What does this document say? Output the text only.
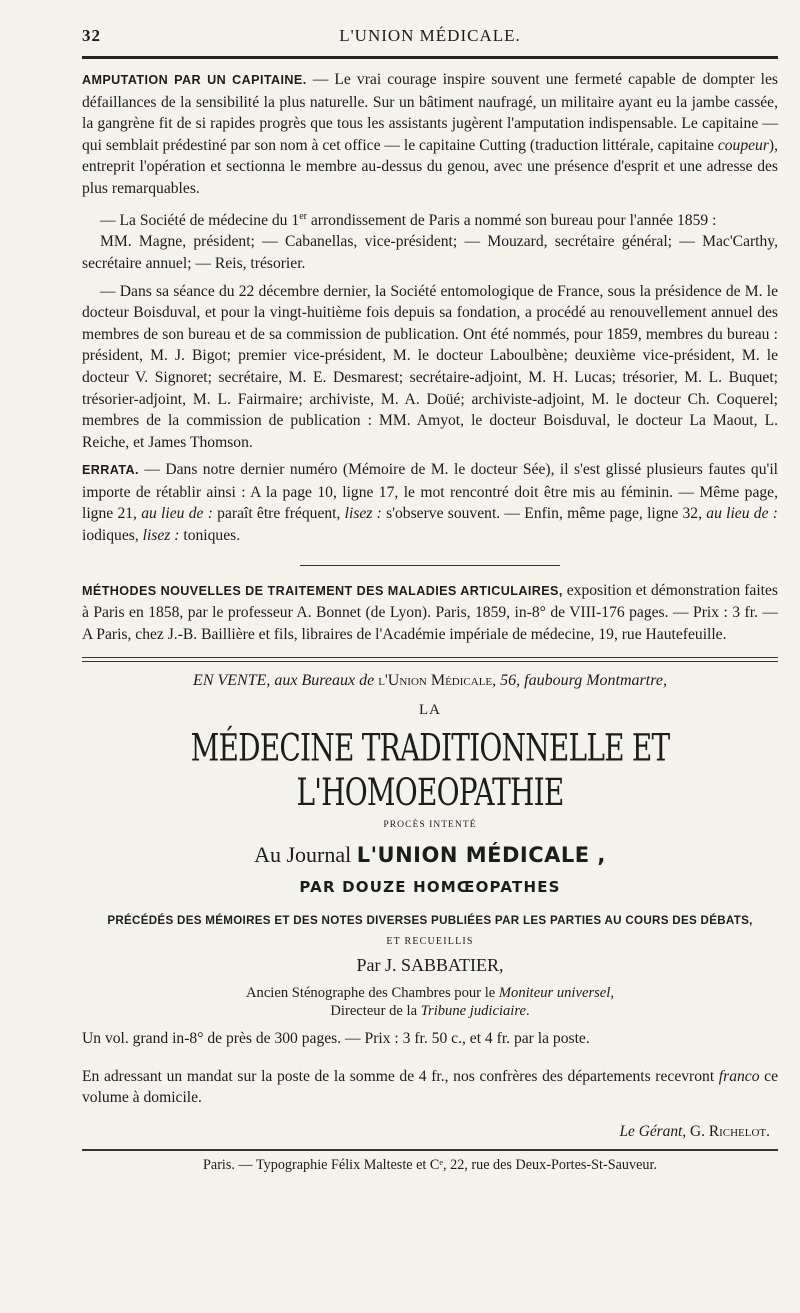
32	L'UNION MÉDICALE.

AMPUTATION PAR UN CAPITAINE. — Le vrai courage inspire souvent une fermeté capable de dompter les défaillances de la sensibilité la plus naturelle. Sur un bâtiment naufragé, un militaire ayant eu la jambe cassée, la gangrène fit de si rapides progrès que tous les assistants jugèrent l'amputation indispensable. Le capitaine — qui semblait prédestiné par son nom à cet office — le capitaine Cutting (traduction littérale, capitaine coupeur), entreprit l'opération et sectionna le membre au-dessus du genou, avec une présence d'esprit et une adresse des plus remarquables.

— La Société de médecine du 1er arrondissement de Paris a nommé son bureau pour l'année 1859 :

MM. Magne, président; — Cabanellas, vice-président; — Mouzard, secrétaire général; — Mac'Carthy, secrétaire annuel; — Reis, trésorier.

— Dans sa séance du 22 décembre dernier, la Société entomologique de France, sous la présidence de M. le docteur Boisduval, et pour la vingt-huitième fois depuis sa fondation, a procédé au renouvellement annuel des membres de son bureau et de sa commission de publication. Ont été nommés, pour 1859, membres du bureau : président, M. J. Bigot; premier vice-président, M. le docteur Laboulbène; deuxième vice-président, M. le docteur V. Signoret; secrétaire, M. E. Desmarest; secrétaire-adjoint, M. H. Lucas; trésorier, M. L. Buquet; trésorier-adjoint, M. L. Fairmaire; archiviste, M. A. Doüé; archiviste-adjoint, M. le docteur Ch. Coquerel; membres de la commission de publication : MM. Amyot, le docteur Boisduval, le docteur La Maout, L. Reiche, et James Thomson.

ERRATA. — Dans notre dernier numéro (Mémoire de M. le docteur Sée), il s'est glissé plusieurs fautes qu'il importe de rétablir ainsi : A la page 10, ligne 17, le mot rencontré doit être mis au féminin. — Même page, ligne 21, au lieu de : paraît être fréquent, lisez : s'observe souvent. — Enfin, même page, ligne 32, au lieu de : iodiques, lisez : toniques.

MÉTHODES NOUVELLES DE TRAITEMENT DES MALADIES ARTICULAIRES, exposition et démonstration faites à Paris en 1858, par le professeur A. Bonnet (de Lyon). Paris, 1859, in-8° de VIII-176 pages. — Prix : 3 fr. — A Paris, chez J.-B. Baillière et fils, libraires de l'Académie impériale de médecine, 19, rue Hautefeuille.

EN VENTE, aux Bureaux de l'Union Médicale, 56, faubourg Montmartre,
LA
MÉDECINE TRADITIONNELLE ET L'HOMOEOPATHIE
PROCÈS INTENTÉ
Au Journal L'UNION MÉDICALE ,
PAR DOUZE HOMŒOPATHES
PRÉCÉDÉS DES MÉMOIRES ET DES NOTES DIVERSES PUBLIÉES PAR LES PARTIES AU COURS DES DÉBATS,
ET RECUEILLIS
Par J. SABBATIER,
Ancien Sténographe des Chambres pour le Moniteur universel,
Directeur de la Tribune judiciaire.

Un vol. grand in-8° de près de 300 pages. — Prix : 3 fr. 50 c., et 4 fr. par la poste.

En adressant un mandat sur la poste de la somme de 4 fr., nos confrères des départements recevront franco ce volume à domicile.

Le Gérant, G. Richelot.
Paris. — Typographie Félix Malteste et Cᵉ, 22, rue des Deux-Portes-St-Sauveur.
